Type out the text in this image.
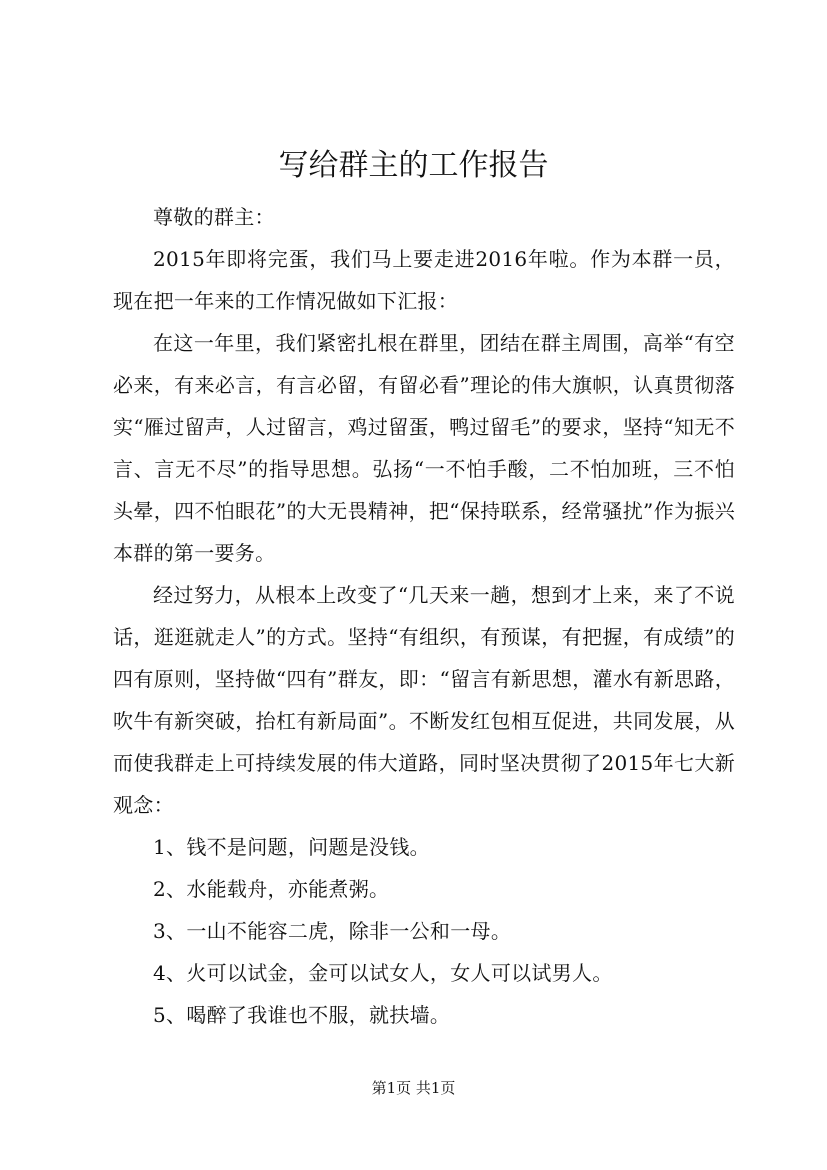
写给群主的工作报告

尊敬的群主：

2015年即将完蛋，我们马上要走进2016年啦。作为本群一员，现在把一年来的工作情况做如下汇报：

在这一年里，我们紧密扎根在群里，团结在群主周围，高举“有空必来，有来必言，有言必留，有留必看”理论的伟大旗帜，认真贯彻落实“雁过留声，人过留言，鸡过留蛋，鸭过留毛”的要求，坚持“知无不言、言无不尽”的指导思想。弘扬“一不怕手酸，二不怕加班，三不怕头晕，四不怕眼花”的大无畏精神，把“保持联系，经常骚扰”作为振兴本群的第一要务。

经过努力，从根本上改变了“几天来一趟，想到才上来，来了不说话，逛逛就走人”的方式。坚持“有组织，有预谋，有把握，有成绩”的四有原则，坚持做“四有”群友，即：“留言有新思想，灌水有新思路，吹牛有新突破，抬杠有新局面”。不断发红包相互促进，共同发展，从而使我群走上可持续发展的伟大道路，同时坚决贯彻了2015年七大新观念：

1、钱不是问题，问题是没钱。

2、水能载舟，亦能煮粥。

3、一山不能容二虎，除非一公和一母。

4、火可以试金，金可以试女人，女人可以试男人。

5、喝醉了我谁也不服，就扶墙。

第1页 共1页
